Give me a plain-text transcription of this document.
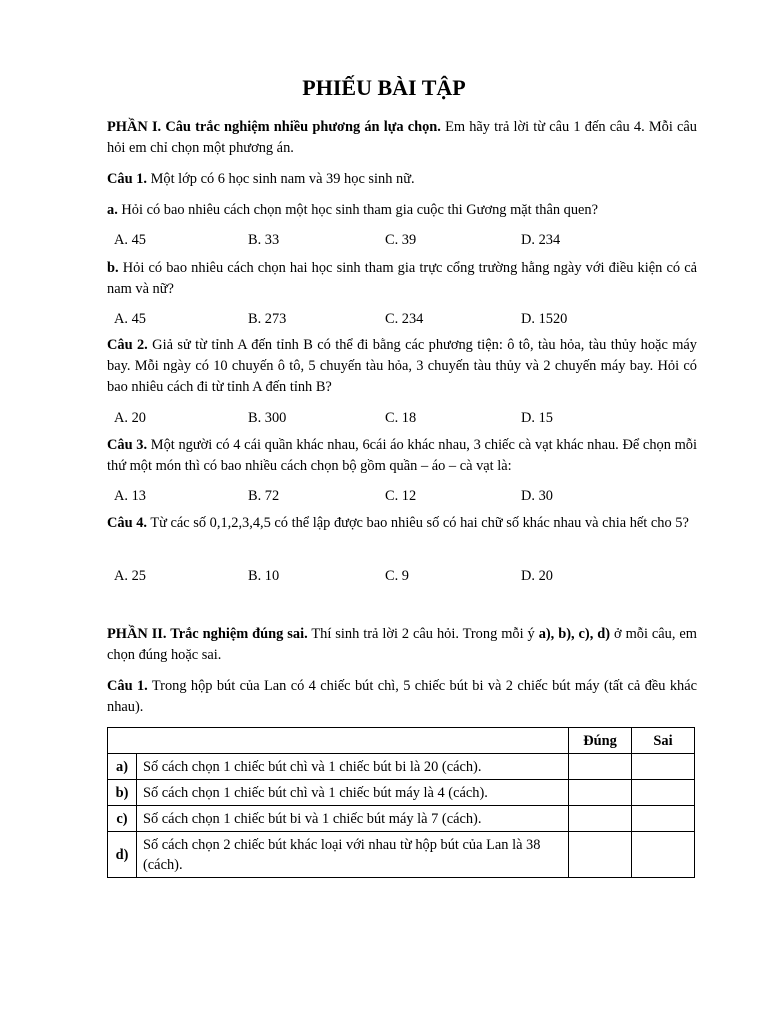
PHIẾU BÀI TẬP
PHẦN I. Câu trắc nghiệm nhiều phương án lựa chọn. Em hãy trả lời từ câu 1 đến câu 4. Mỗi câu hỏi em chỉ chọn một phương án.
Câu 1. Một lớp có 6 học sinh nam và 39 học sinh nữ.
a. Hỏi có bao nhiêu cách chọn một học sinh tham gia cuộc thi Gương mặt thân quen?
A. 45	B. 33	C. 39	D. 234
b. Hỏi có bao nhiêu cách chọn hai học sinh tham gia trực cổng trường hằng ngày với điều kiện có cả nam và nữ?
A. 45	B. 273	C. 234	D. 1520
Câu 2. Giả sử từ tỉnh A đến tỉnh B có thể đi bằng các phương tiện: ô tô, tàu hỏa, tàu thủy hoặc máy bay. Mỗi ngày có 10 chuyến ô tô, 5 chuyến tàu hỏa, 3 chuyến tàu thủy và 2 chuyến máy bay. Hỏi có bao nhiêu cách đi từ tỉnh A đến tỉnh B?
A. 20	B. 300	C. 18	D. 15
Câu 3. Một người có 4 cái quần khác nhau, 6cái áo khác nhau, 3 chiếc cà vạt khác nhau. Để chọn mỗi thứ một món thì có bao nhiều cách chọn bộ gồm quần – áo – cà vạt là:
A. 13	B. 72	C. 12	D. 30
Câu 4. Từ các số 0,1,2,3,4,5 có thể lập được bao nhiêu số có hai chữ số khác nhau và chia hết cho 5?
A. 25	B. 10	C. 9	D. 20
PHẦN II. Trắc nghiệm đúng sai. Thí sinh trả lời 2 câu hỏi. Trong mỗi ý a), b), c), d) ở mỗi câu, em chọn đúng hoặc sai.
Câu 1. Trong hộp bút của Lan có 4 chiếc bút chì, 5 chiếc bút bi và 2 chiếc bút máy (tất cả đều khác nhau).
		Đúng	Sai
a)	Số cách chọn 1 chiếc bút chì và 1 chiếc bút bi là 20 (cách).		
b)	Số cách chọn 1 chiếc bút chì và 1 chiếc bút máy là 4 (cách).		
c)	Số cách chọn 1 chiếc bút bi và 1 chiếc bút máy là 7 (cách).		
d)	Số cách chọn 2 chiếc bút khác loại với nhau từ hộp bút của Lan là 38 (cách).		
